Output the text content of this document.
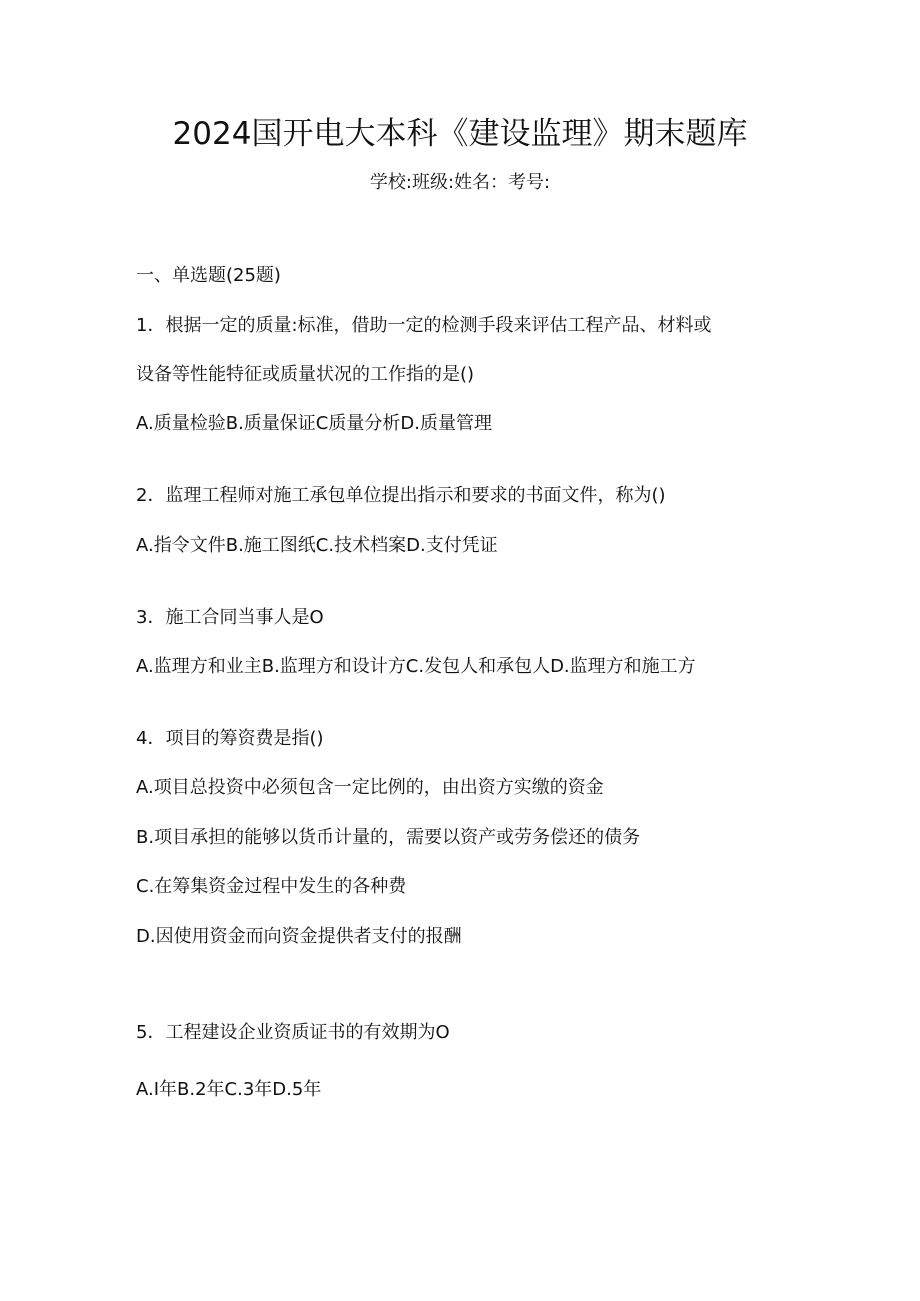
2024国开电大本科《建设监理》期末题库
学校:班级:姓名：考号:
一、单选题(25题)
1．根据一定的质量:标准，借助一定的检测手段来评估工程产品、材料或
设备等性能特征或质量状况的工作指的是()
A.质量检验B.质量保证C质量分析D.质量管理
2．监理工程师对施工承包单位提出指示和要求的书面文件，称为()
A.指令文件B.施工图纸C.技术档案D.支付凭证
3．施工合同当事人是O
A.监理方和业主B.监理方和设计方C.发包人和承包人D.监理方和施工方
4．项目的筹资费是指()
A.项目总投资中必须包含一定比例的，由出资方实缴的资金
B.项目承担的能够以货币计量的，需要以资产或劳务偿还的债务
C.在筹集资金过程中发生的各种费
D.因使用资金而向资金提供者支付的报酬
5．工程建设企业资质证书的有效期为O
A.I年B.2年C.3年D.5年
